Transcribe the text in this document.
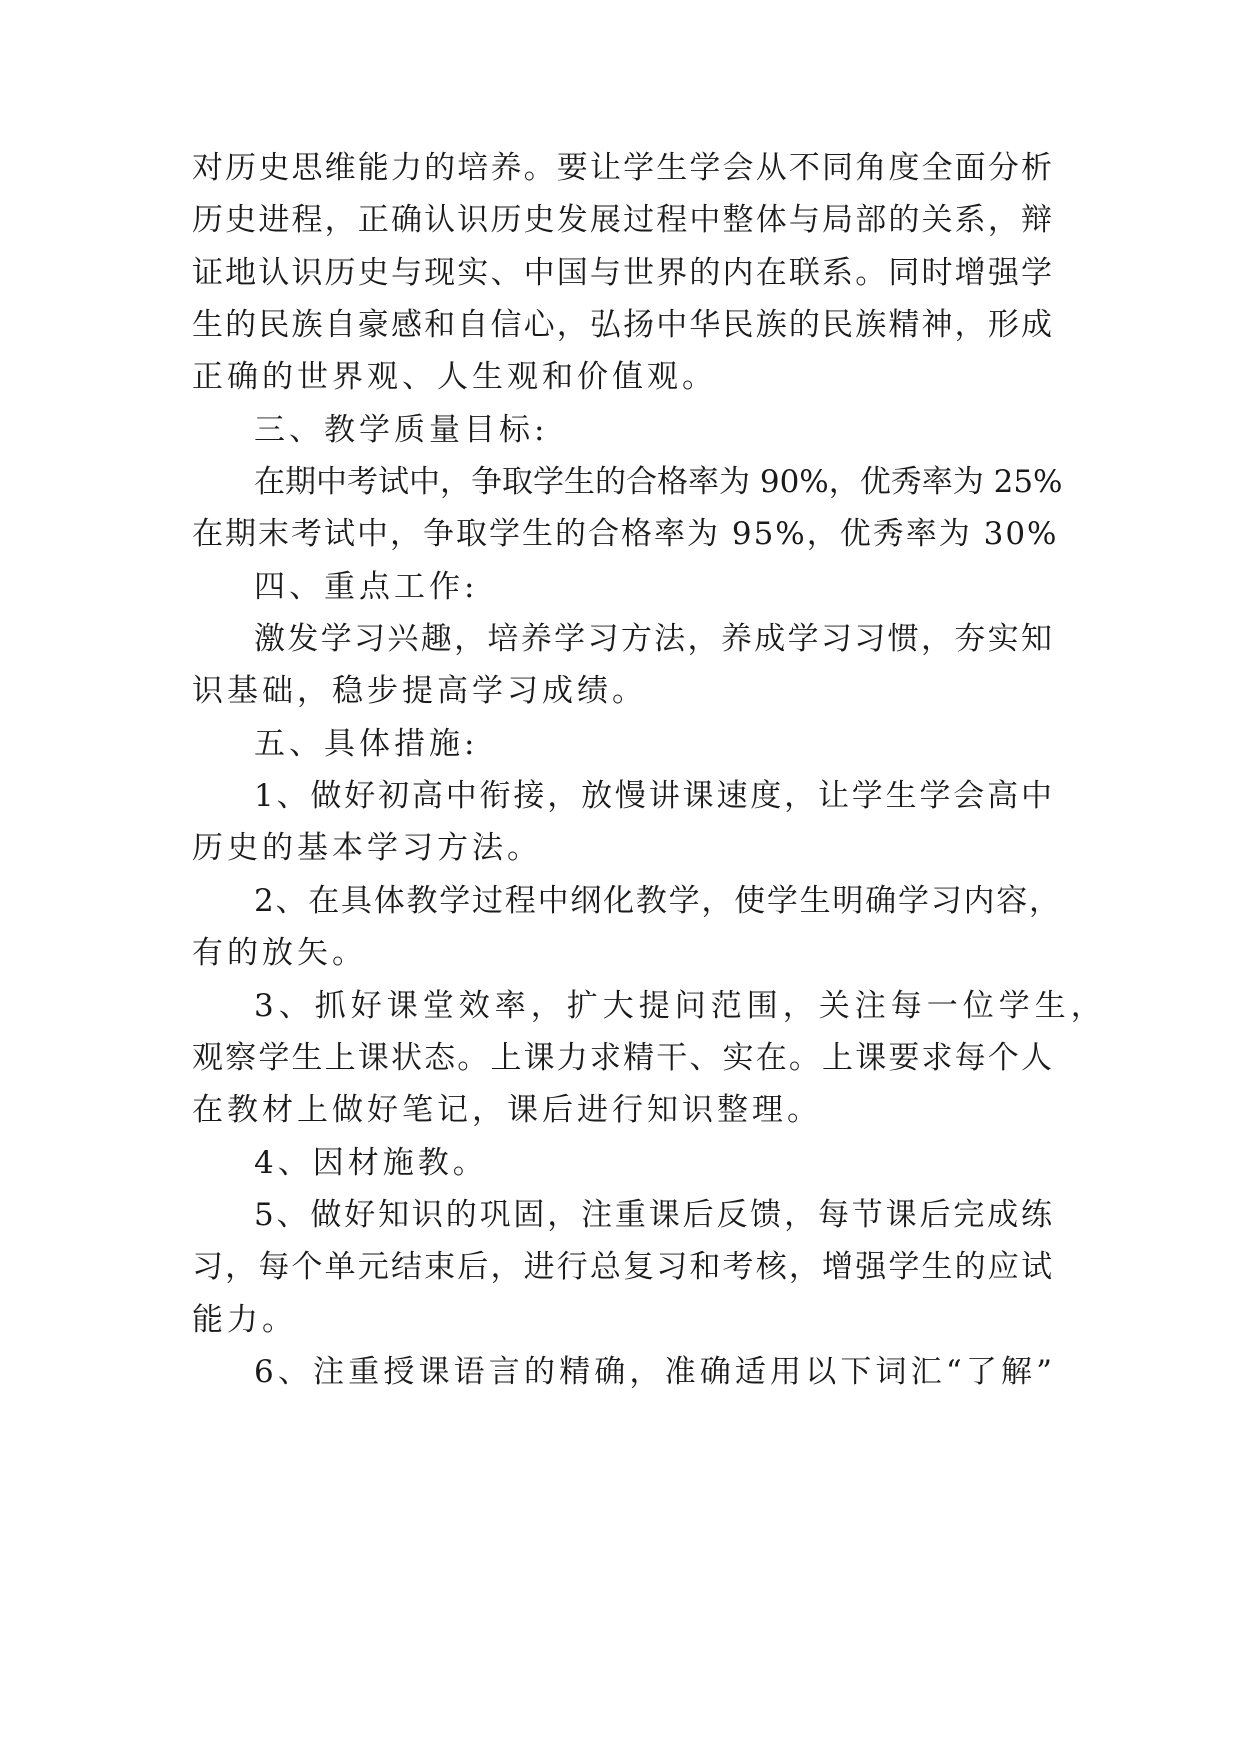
对历史思维能力的培养。要让学生学会从不同角度全面分析
历史进程，正确认识历史发展过程中整体与局部的关系，辩
证地认识历史与现实、中国与世界的内在联系。同时增强学
生的民族自豪感和自信心，弘扬中华民族的民族精神，形成
正确的世界观、人生观和价值观。
三、教学质量目标:
在期中考试中，争取学生的合格率为 90%，优秀率为 25%
在期末考试中，争取学生的合格率为 95%，优秀率为 30%
四、重点工作:
激发学习兴趣，培养学习方法，养成学习习惯，夯实知
识基础，稳步提高学习成绩。
五、具体措施:
1、做好初高中衔接，放慢讲课速度，让学生学会高中
历史的基本学习方法。
2、在具体教学过程中纲化教学，使学生明确学习内容，
有的放矢。
3、抓好课堂效率，扩大提问范围，关注每一位学生，
观察学生上课状态。上课力求精干、实在。上课要求每个人
在教材上做好笔记，课后进行知识整理。
4、因材施教。
5、做好知识的巩固，注重课后反馈，每节课后完成练
习，每个单元结束后，进行总复习和考核，增强学生的应试
能力。
6、注重授课语言的精确，准确适用以下词汇“了解”
